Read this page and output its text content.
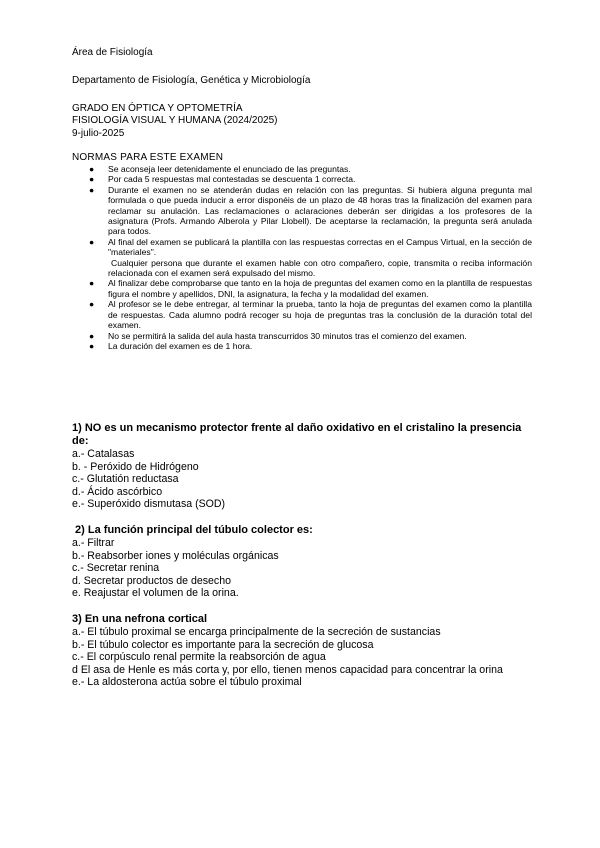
Área de Fisiología
Departamento de Fisiología, Genética y Microbiología
GRADO EN ÓPTICA Y OPTOMETRÍA
FISIOLOGÍA VISUAL Y HUMANA (2024/2025)
9-julio-2025
NORMAS PARA ESTE EXAMEN
● Se aconseja leer detenidamente el enunciado de las preguntas.
● Por cada 5 respuestas mal contestadas se descuenta 1 correcta.
● Durante el examen no se atenderán dudas en relación con las preguntas. Si hubiera alguna pregunta mal formulada o que pueda inducir a error disponéis de un plazo de 48 horas tras la finalización del examen para reclamar su anulación. Las reclamaciones o aclaraciones deberán ser dirigidas a los profesores de la asignatura (Profs. Armando Alberola y Pilar Llobell). De aceptarse la reclamación, la pregunta será anulada para todos.
● Al final del examen se publicará la plantilla con las respuestas correctas en el Campus Virtual, en la sección de "materiales".
Cualquier persona que durante el examen hable con otro compañero, copie, transmita o reciba información relacionada con el examen será expulsado del mismo.
● Al finalizar debe comprobarse que tanto en la hoja de preguntas del examen como en la plantilla de respuestas figura el nombre y apellidos, DNI, la asignatura, la fecha y la modalidad del examen.
● Al profesor se le debe entregar, al terminar la prueba, tanto la hoja de preguntas del examen como la plantilla de respuestas. Cada alumno podrá recoger su hoja de preguntas tras la conclusión de la duración total del examen.
● No se permitirá la salida del aula hasta transcurridos 30 minutos tras el comienzo del examen.
● La duración del examen es de 1 hora.

1) NO es un mecanismo protector frente al daño oxidativo en el cristalino la presencia de:

a.- Catalasas
b. - Peróxido de Hidrógeno
c.- Glutatión reductasa
d.- Ácido ascórbico
e.- Superóxido dismutasa (SOD)

2) La función principal del túbulo colector es:

a.- Filtrar
b.- Reabsorber iones y moléculas orgánicas
c.- Secretar renina
d. Secretar productos de desecho
e. Reajustar el volumen de la orina.

3) En una nefrona cortical

a.- El túbulo proximal se encarga principalmente de la secreción de sustancias
b.- El túbulo colector es importante para la secreción de glucosa
c.- El corpúsculo renal permite la reabsorción de agua
d El asa de Henle es más corta y, por ello, tienen menos capacidad para concentrar la orina
e.- La aldosterona actúa sobre el túbulo proximal
